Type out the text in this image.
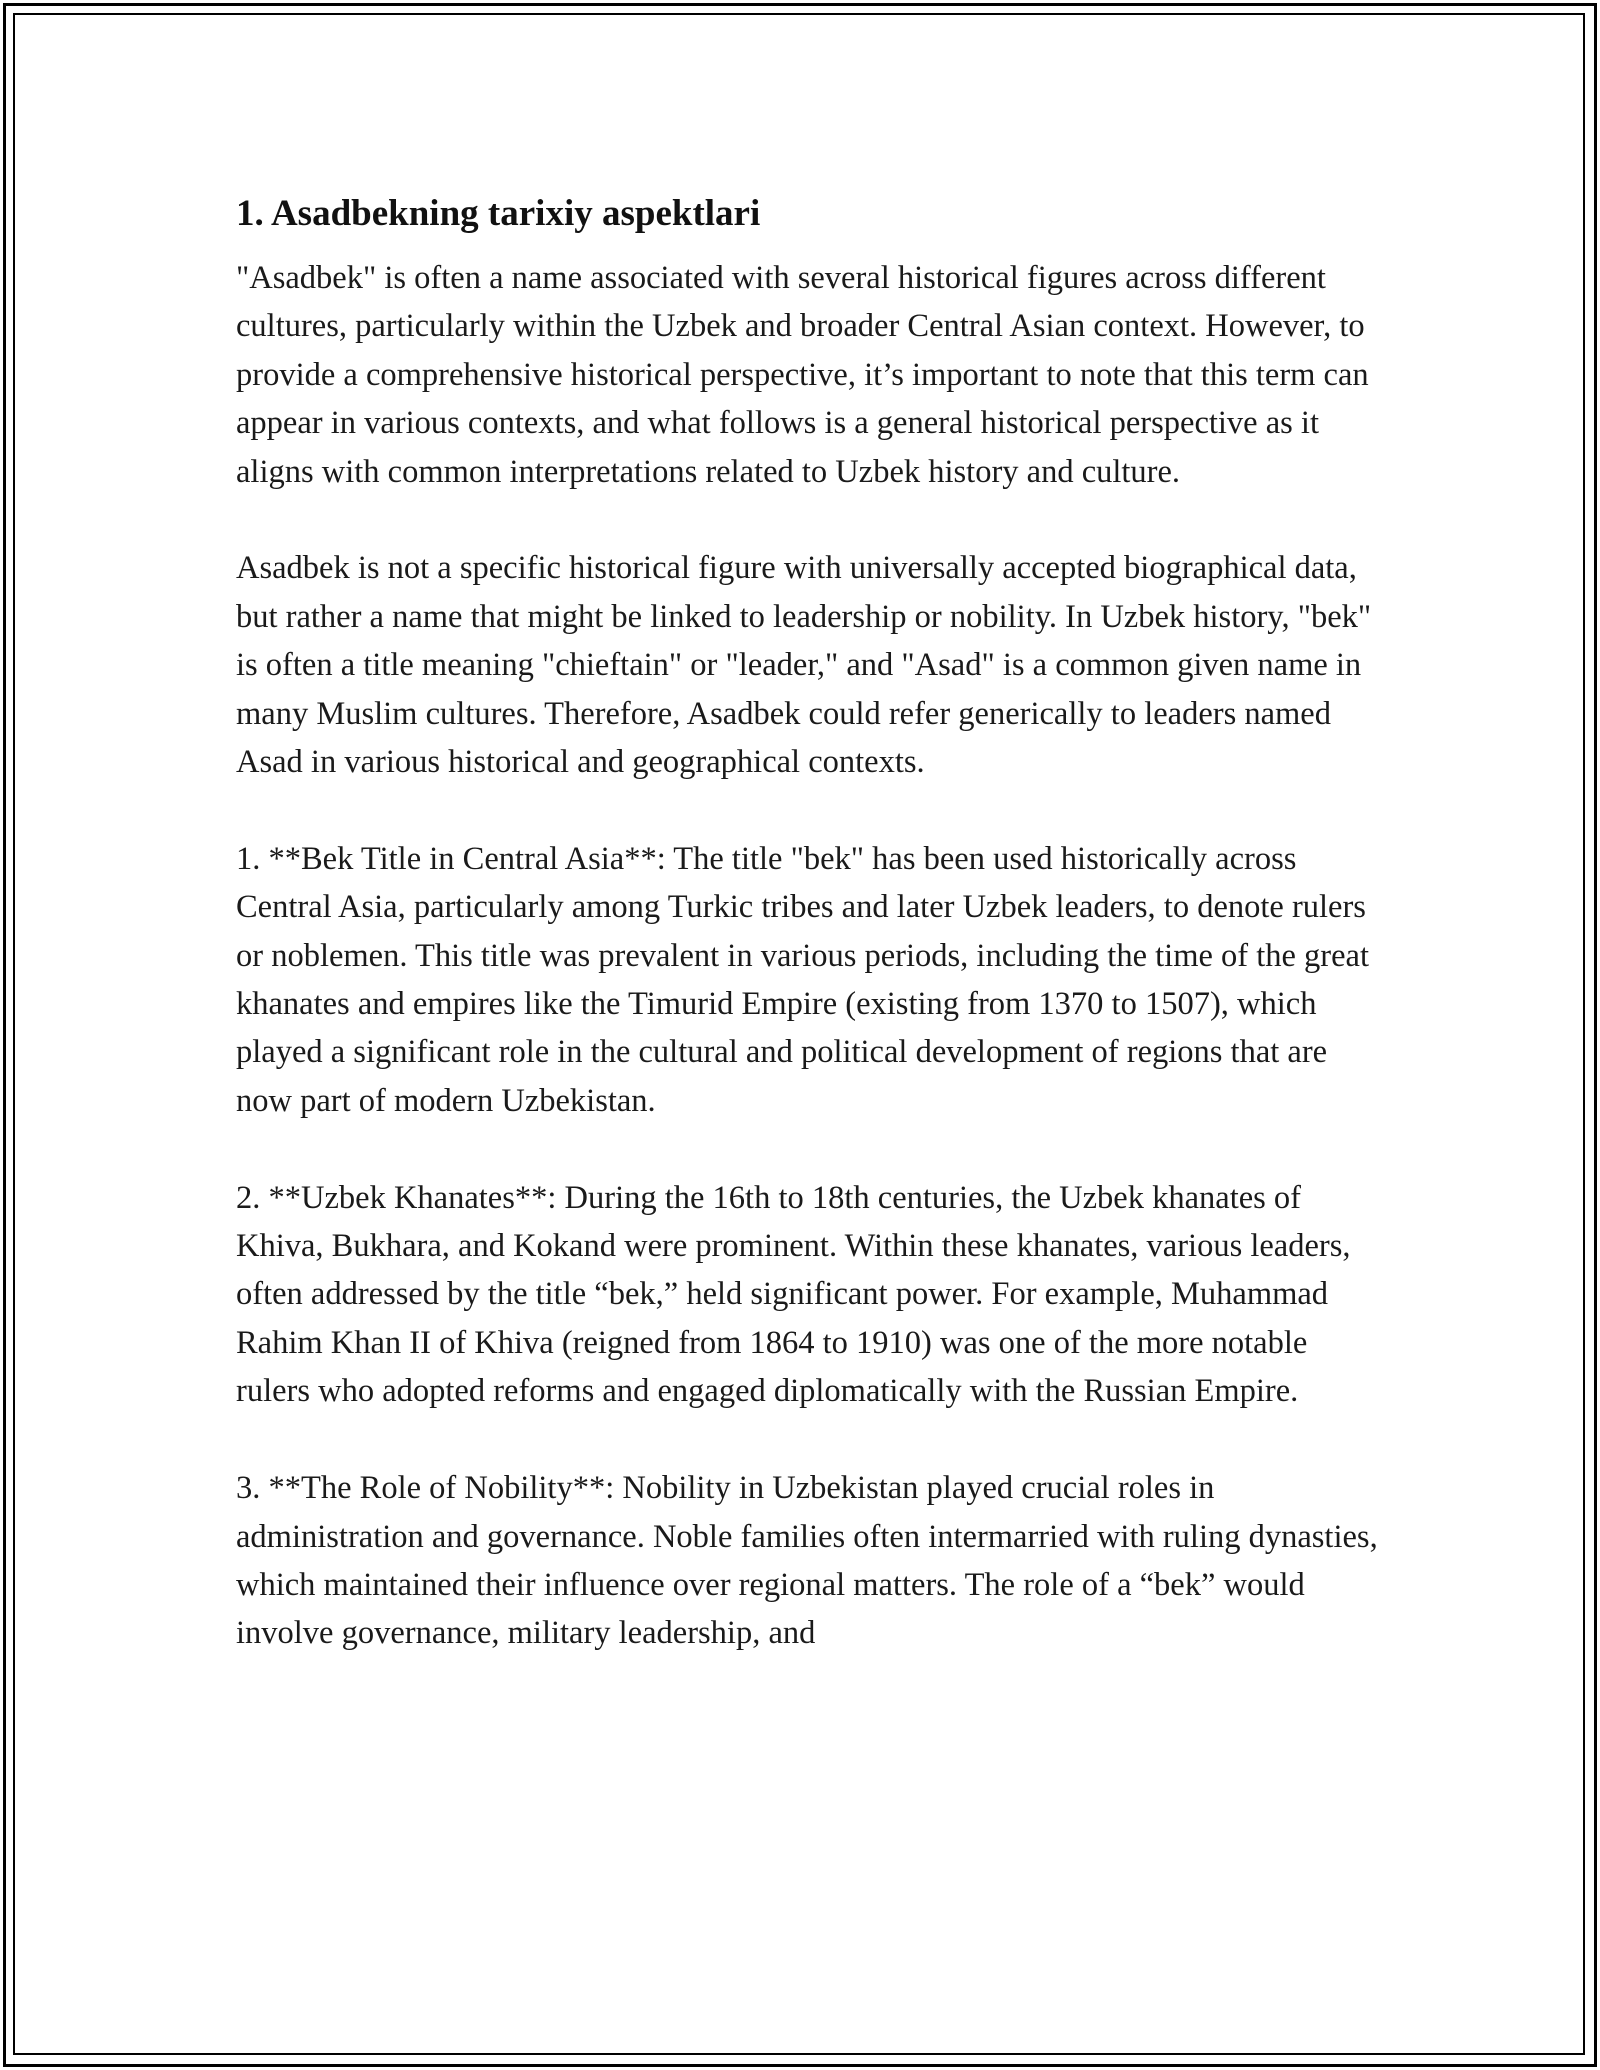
1. Asadbekning tarixiy aspektlari

"Asadbek" is often a name associated with several historical figures across different cultures, particularly within the Uzbek and broader Central Asian context. However, to provide a comprehensive historical perspective, it’s important to note that this term can appear in various contexts, and what follows is a general historical perspective as it aligns with common interpretations related to Uzbek history and culture.

Asadbek is not a specific historical figure with universally accepted biographical data, but rather a name that might be linked to leadership or nobility. In Uzbek history, "bek" is often a title meaning "chieftain" or "leader," and "Asad" is a common given name in many Muslim cultures. Therefore, Asadbek could refer generically to leaders named Asad in various historical and geographical contexts.

1. **Bek Title in Central Asia**: The title "bek" has been used historically across Central Asia, particularly among Turkic tribes and later Uzbek leaders, to denote rulers or noblemen. This title was prevalent in various periods, including the time of the great khanates and empires like the Timurid Empire (existing from 1370 to 1507), which played a significant role in the cultural and political development of regions that are now part of modern Uzbekistan.

2. **Uzbek Khanates**: During the 16th to 18th centuries, the Uzbek khanates of Khiva, Bukhara, and Kokand were prominent. Within these khanates, various leaders, often addressed by the title “bek,” held significant power. For example, Muhammad Rahim Khan II of Khiva (reigned from 1864 to 1910) was one of the more notable rulers who adopted reforms and engaged diplomatically with the Russian Empire.

3. **The Role of Nobility**: Nobility in Uzbekistan played crucial roles in administration and governance. Noble families often intermarried with ruling dynasties, which maintained their influence over regional matters. The role of a “bek” would involve governance, military leadership, and
